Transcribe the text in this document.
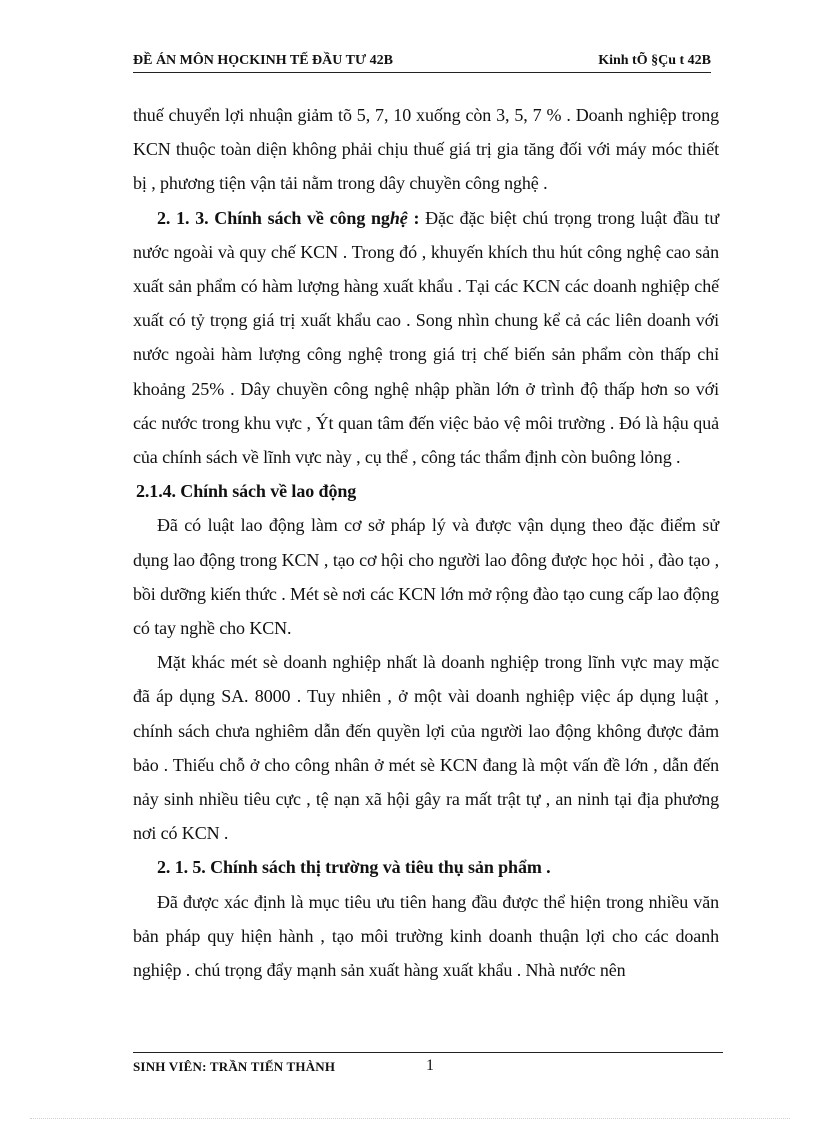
ĐỀ ÁN MÔN HỌCKINH TẾ ĐẦU TƯ 42B	Kinh tÕ §Çu t 42B

thuế chuyển lợi nhuận giảm tõ 5, 7, 10 xuống còn 3, 5, 7 % . Doanh nghiệp trong KCN thuộc toàn diện không phải chịu thuế giá trị gia tăng đối với máy móc thiết bị , phương tiện vận tải nằm trong dây chuyền công nghệ .

2. 1. 3. Chính sách về công nghệ : Đặc đặc biệt chú trọng trong luật đầu tư nước ngoài và quy chế KCN . Trong đó , khuyến khích thu hút công nghệ cao sản xuất sản phẩm có hàm lượng hàng xuất khẩu . Tại các KCN các doanh nghiệp chế xuất có tỷ trọng giá trị xuất khẩu cao . Song nhìn chung kể cả các liên doanh với nước ngoài hàm lượng công nghệ trong giá trị chế biến sản phẩm còn thấp chỉ khoảng 25% . Dây chuyền công nghệ nhập phần lớn ở trình độ thấp hơn so với các nước trong khu vực , Ýt quan tâm đến việc bảo vệ môi trường . Đó là hậu quả của chính sách về lĩnh vực này , cụ thể , công tác thẩm định còn buông lỏng .

2.1.4. Chính sách về lao động

Đã có luật lao động làm cơ sở pháp lý và được vận dụng theo đặc điểm sử dụng lao động trong KCN , tạo cơ hội cho người lao đông được học hỏi , đào tạo , bồi dưỡng kiến thức . Mét sè nơi các KCN lớn mở rộng đào tạo cung cấp lao động có tay nghề cho KCN.

Mặt khác mét sè doanh nghiệp nhất là doanh nghiệp trong lĩnh vực may mặc đã áp dụng SA. 8000 . Tuy nhiên , ở một vài doanh nghiệp việc áp dụng luật , chính sách chưa nghiêm dẫn đến quyền lợi của người lao động không được đảm bảo . Thiếu chỗ ở cho công nhân ở mét sè KCN đang là một vấn đề lớn , dẫn đến nảy sinh nhiều tiêu cực , tệ nạn xã hội gây ra mất trật tự , an ninh tại địa phương nơi có KCN .

2. 1. 5. Chính sách thị trường và tiêu thụ sản phẩm .

Đã được xác định là mục tiêu ưu tiên hang đầu được thể hiện trong nhiều văn bản pháp quy hiện hành , tạo môi trường kinh doanh thuận lợi cho các doanh nghiệp . chú trọng đẩy mạnh sản xuất hàng xuất khẩu . Nhà nước nên

SINH VIÊN: TRẦN TIẾN THÀNH	1
